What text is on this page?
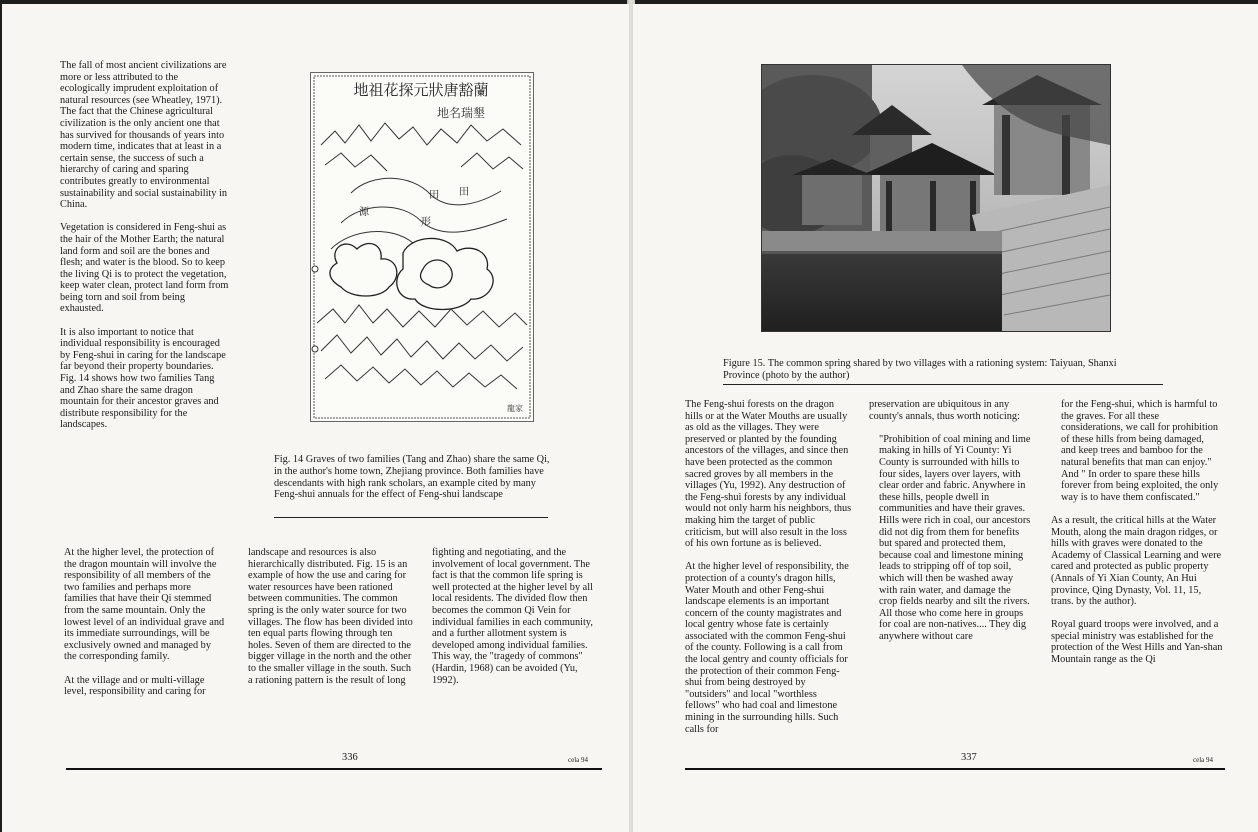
The fall of most ancient civilizations are more or less attributed to the ecologically imprudent exploitation of natural resources (see Wheatley, 1971). The fact that the Chinese agricultural civilization is the only ancient one that has survived for thousands of years into modern time, indicates that at least in a certain sense, the success of such a hierarchy of caring and sparing contributes greatly to environmental sustainability and social sustainability in China.

Vegetation is considered in Feng-shui as the hair of the Mother Earth; the natural land form and soil are the bones and flesh; and water is the blood. So to keep the living Qi is to protect the vegetation, keep water clean, protect land form from being torn and soil from being exhausted.

It is also important to notice that individual responsibility is encouraged by Feng-shui in caring for the landscape far beyond their property boundaries. Fig. 14 shows how two families Tang and Zhao share the same dragon mountain for their ancestor graves and distribute responsibility for the landscapes.

地祖花探元狀唐豁蘭
地名瑞墾
田 田
源
形
龍家
Fig. 14 Graves of two families (Tang and Zhao) share the same Qi, in the author's home town, Zhejiang province. Both families have descendants with high rank scholars, an example cited by many Feng-shui annuals for the effect of Feng-shui landscape

At the higher level, the protection of the dragon mountain will involve the responsibility of all members of the two families and perhaps more families that have their Qi stemmed from the same mountain. Only the lowest level of an individual grave and its immediate surroundings, will be exclusively owned and managed by the corresponding family.

At the village and or multi-village level, responsibility and caring for

landscape and resources is also hierarchically distributed. Fig. 15 is an example of how the use and caring for water resources have been rationed between communities. The common spring is the only water source for two villages. The flow has been divided into ten equal parts flowing through ten holes. Seven of them are directed to the bigger village in the north and the other to the smaller village in the south. Such a rationing pattern is the result of long

fighting and negotiating, and the involvement of local government. The fact is that the common life spring is well protected at the higher level by all local residents. The divided flow then becomes the common Qi Vein for individual families in each community, and a further allotment system is developed among individual families. This way, the "tragedy of commons" (Hardin, 1968) can be avoided (Yu, 1992).

336	cela 94
Figure 15. The common spring shared by two villages with a rationing system: Taiyuan, Shanxi Province (photo by the author)

The Feng-shui forests on the dragon hills or at the Water Mouths are usually as old as the villages. They were preserved or planted by the founding ancestors of the villages, and since then have been protected as the common sacred groves by all members in the villages (Yu, 1992). Any destruction of the Feng-shui forests by any individual would not only harm his neighbors, thus making him the target of public criticism, but will also result in the loss of his own fortune as is believed.

At the higher level of responsibility, the protection of a county's dragon hills, Water Mouth and other Feng-shui landscape elements is an important concern of the county magistrates and local gentry whose fate is certainly associated with the common Feng-shui of the county. Following is a call from the local gentry and county officials for the protection of their common Feng-shui from being destroyed by "outsiders" and local "worthless fellows" who had coal and limestone mining in the surrounding hills. Such calls for

preservation are ubiquitous in any county's annals, thus worth noticing:

"Prohibition of coal mining and lime making in hills of Yi County: Yi County is surrounded with hills to four sides, layers over layers, with clear order and fabric. Anywhere in these hills, people dwell in communities and have their graves. Hills were rich in coal, our ancestors did not dig from them for benefits but spared and protected them, because coal and limestone mining leads to stripping off of top soil, which will then be washed away with rain water, and damage the crop fields nearby and silt the rivers. All those who come here in groups for coal are non-natives.... They dig anywhere without care

for the Feng-shui, which is harmful to the graves. For all these considerations, we call for prohibition of these hills from being damaged, and keep trees and bamboo for the natural benefits that man can enjoy." And " In order to spare these hills forever from being exploited, the only way is to have them confiscated."

As a result, the critical hills at the Water Mouth, along the main dragon ridges, or hills with graves were donated to the Academy of Classical Learning and were cared and protected as public property (Annals of Yi Xian County, An Hui province, Qing Dynasty, Vol. 11, 15, trans. by the author).

Royal guard troops were involved, and a special ministry was established for the protection of the West Hills and Yan-shan Mountain range as the Qi

337	cela 94
